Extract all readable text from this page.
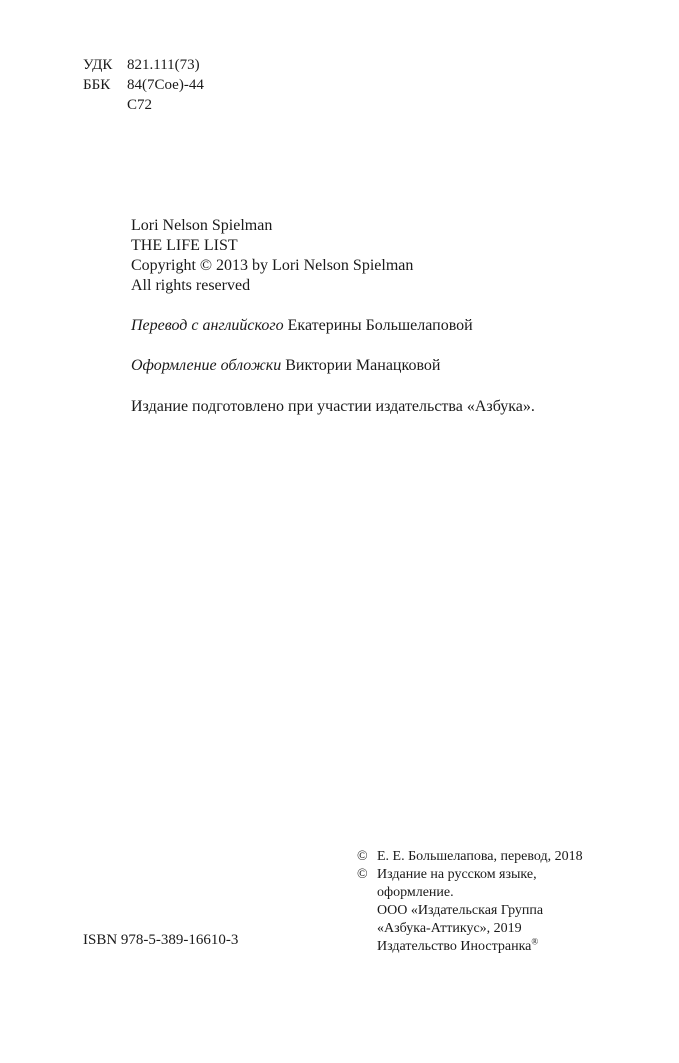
УДК 821.111(73)
ББК	84(7Сое)-44
С72
Lori Nelson Spielman
THE LIFE LIST
Copyright © 2013 by Lori Nelson Spielman
All rights reserved
Перевод с английского Екатерины Большелаповой
Оформление обложки Виктории Манацковой
Издание подготовлено при участии издательства «Азбука».
© Е. Е. Большелапова, перевод, 2018
© Издание на русском языке,
оформление.
ООО «Издательская Группа
«Азбука-Аттикус», 2019
Издательство Иностранка®
ISBN 978-5-389-16610-3
